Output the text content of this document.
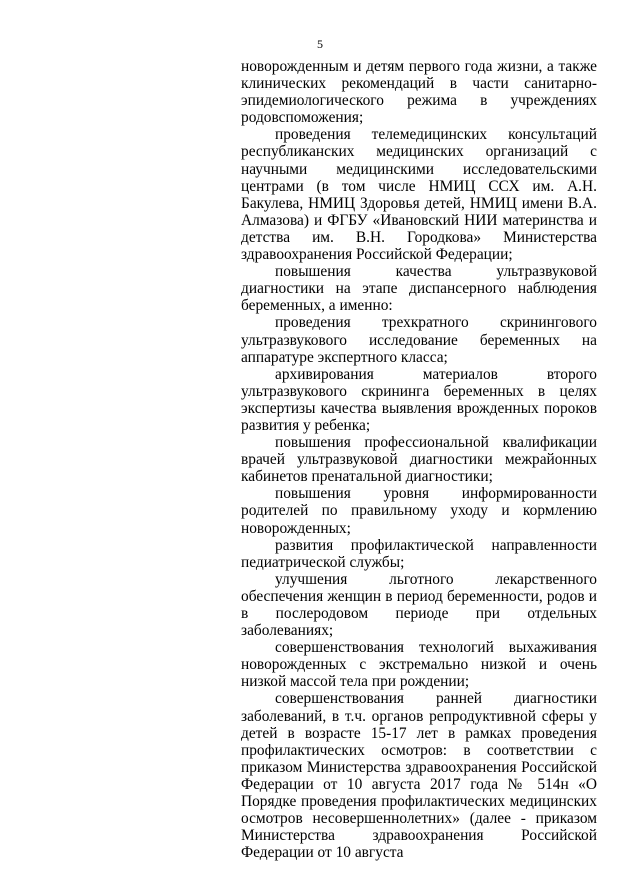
5

новорожденным и детям первого года жизни, а также клинических рекомендаций в части санитарно-эпидемиологического режима в учреждениях родовспоможения;

проведения телемедицинских консультаций республиканских медицинских организаций с научными медицинскими исследовательскими центрами (в том числе НМИЦ ССХ им. А.Н. Бакулева, НМИЦ Здоровья детей, НМИЦ имени В.А. Алмазова) и ФГБУ «Ивановский НИИ материнства и детства им. В.Н. Городкова» Министерства здравоохранения Российской Федерации;

повышения качества ультразвуковой диагностики на этапе диспансерного наблюдения беременных, а именно:

проведения трехкратного скринингового ультразвукового исследование беременных на аппаратуре экспертного класса;

архивирования материалов второго ультразвукового скрининга беременных в целях экспертизы качества выявления врожденных пороков развития у ребенка;

повышения профессиональной квалификации врачей ультразвуковой диагностики межрайонных кабинетов пренатальной диагностики;

повышения уровня информированности родителей по правильному уходу и кормлению новорожденных;

развития профилактической направленности педиатрической службы;

улучшения льготного лекарственного обеспечения женщин в период беременности, родов и в послеродовом периоде при отдельных заболеваниях;

совершенствования технологий выхаживания новорожденных с экстремально низкой и очень низкой массой тела при рождении;

совершенствования ранней диагностики заболеваний, в т.ч. органов репродуктивной сферы у детей в возрасте 15-17 лет в рамках проведения профилактических осмотров: в соответствии с приказом Министерства здравоохранения Российской Федерации от 10 августа 2017 года № 514н «О Порядке проведения профилактических медицинских осмотров несовершеннолетних» (далее - приказом Министерства здравоохранения Российской Федерации от 10 августа
